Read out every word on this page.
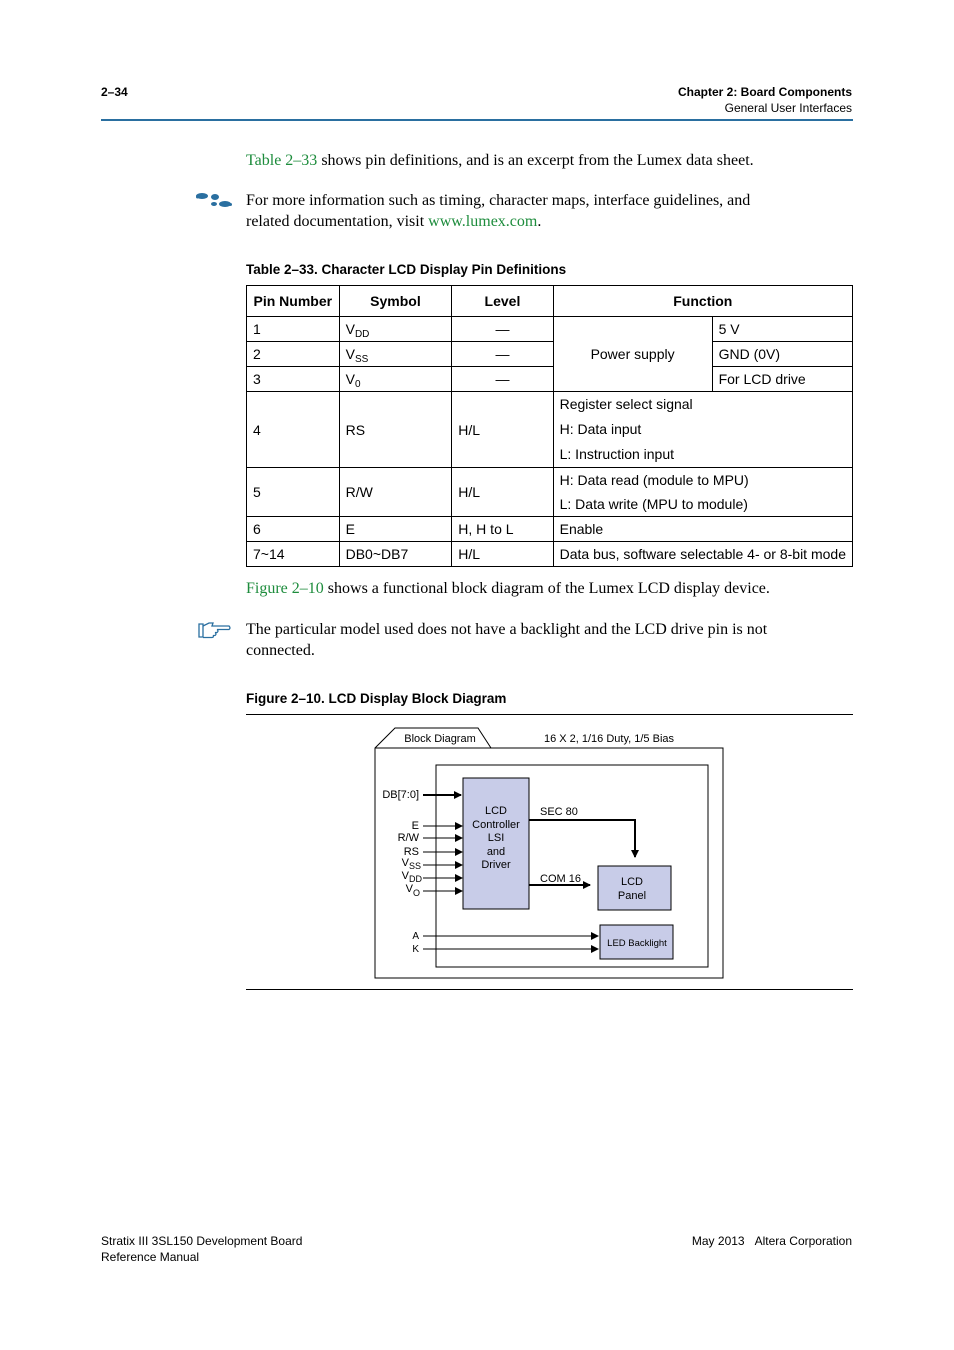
2–34	Chapter 2: Board Components
General User Interfaces
Table 2–33 shows pin definitions, and is an excerpt from the Lumex data sheet.
For more information such as timing, character maps, interface guidelines, and
related documentation, visit www.lumex.com.
Table 2–33. Character LCD Display Pin Definitions
Pin Number	Symbol	Level	Function	
1	$V_{DD}$	—	Power supply	5 V
2	$V_{SS}$	—		GND (0V)
3	$V_0$	—		For LCD drive
4	RS	H/L	Register select signal
H: Data input
L: Instruction input	

5	R/W	H/L	H: Data read (module to MPU)
L: Data write (MPU to module)	

6	E	H, H to L	Enable	
7~14	DB0~DB7	H/L	Data bus, software selectable 4- or 8-bit mode	
Figure 2–10 shows a functional block diagram of the Lumex LCD display device.
The particular model used does not have a backlight and the LCD drive pin is not
connected.
Figure 2–10. LCD Display Block Diagram
Block Diagram	16 X 2, 1/16 Duty, 1/5 Bias
LCD
Controller
LSI
and
Driver
LCD
Panel
LED Backlight
SEC 80
COM 16
DB[7:0]
E
R/W
RS
V SS
V DD
V O
A
K
Stratix III 3SL150 Development Board
Reference Manual
May 2013 Altera Corporation
